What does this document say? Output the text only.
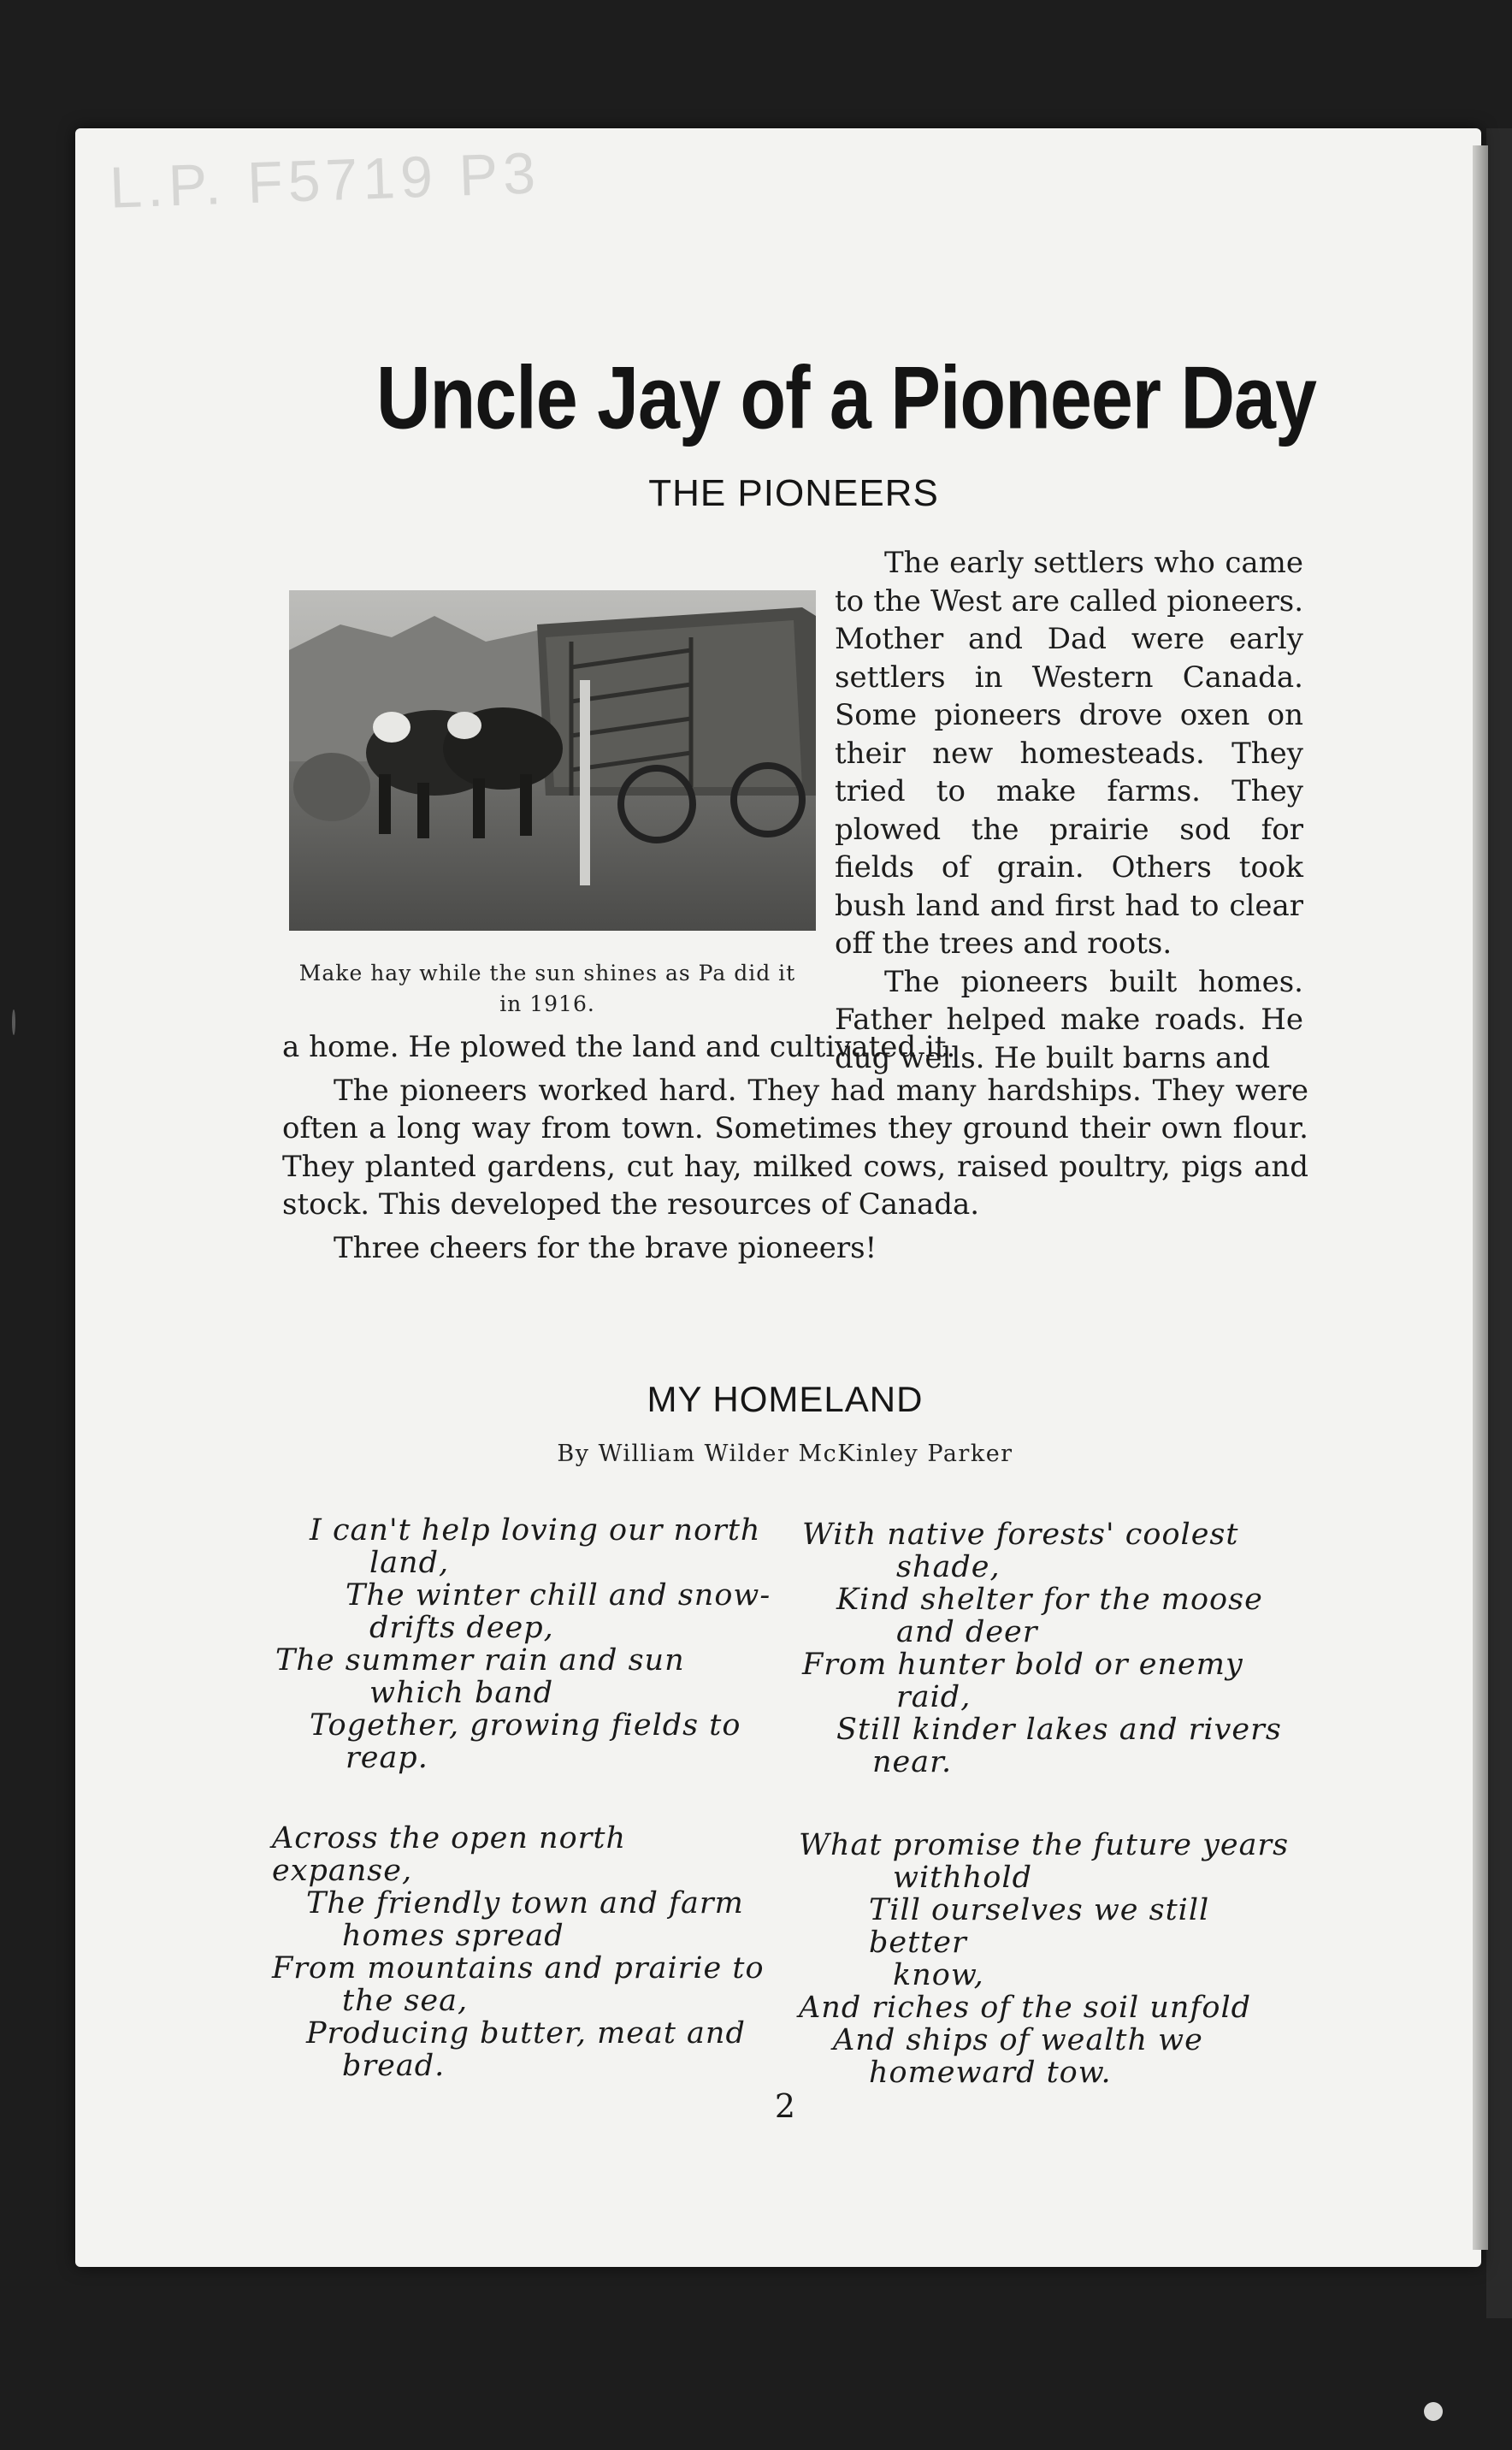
L.P. F5719 P3
Uncle Jay of a Pioneer Day
THE PIONEERS
Make hay while the sun shines as Pa did it in 1916.

The early settlers who came to the West are called pioneers. Mother and Dad were early settlers in Western Canada. Some pioneers drove oxen on their new homesteads. They tried to make farms. They plowed the prairie sod for fields of grain. Others took bush land and first had to clear off the trees and roots.

The pioneers built homes. Father helped make roads. He dug wells. He built barns and

a home. He plowed the land and cultivated it.

The pioneers worked hard. They had many hardships. They were often a long way from town. Sometimes they ground their own flour. They planted gardens, cut hay, milked cows, raised poultry, pigs and stock. This developed the resources of Canada.

Three cheers for the brave pioneers!

MY HOMELAND
By William Wilder McKinley Parker

I can't help loving our north

land,

The winter chill and snow-

drifts deep,

The summer rain and sun

which band

Together, growing fields to

reap.

With native forests' coolest

shade,

Kind shelter for the moose

and deer

From hunter bold or enemy

raid,

Still kinder lakes and rivers

near.

Across the open north expanse,

The friendly town and farm

homes spread

From mountains and prairie to

the sea,

Producing butter, meat and

bread.

What promise the future years

withhold

Till ourselves we still better

know,

And riches of the soil unfold

And ships of wealth we

homeward tow.

2
